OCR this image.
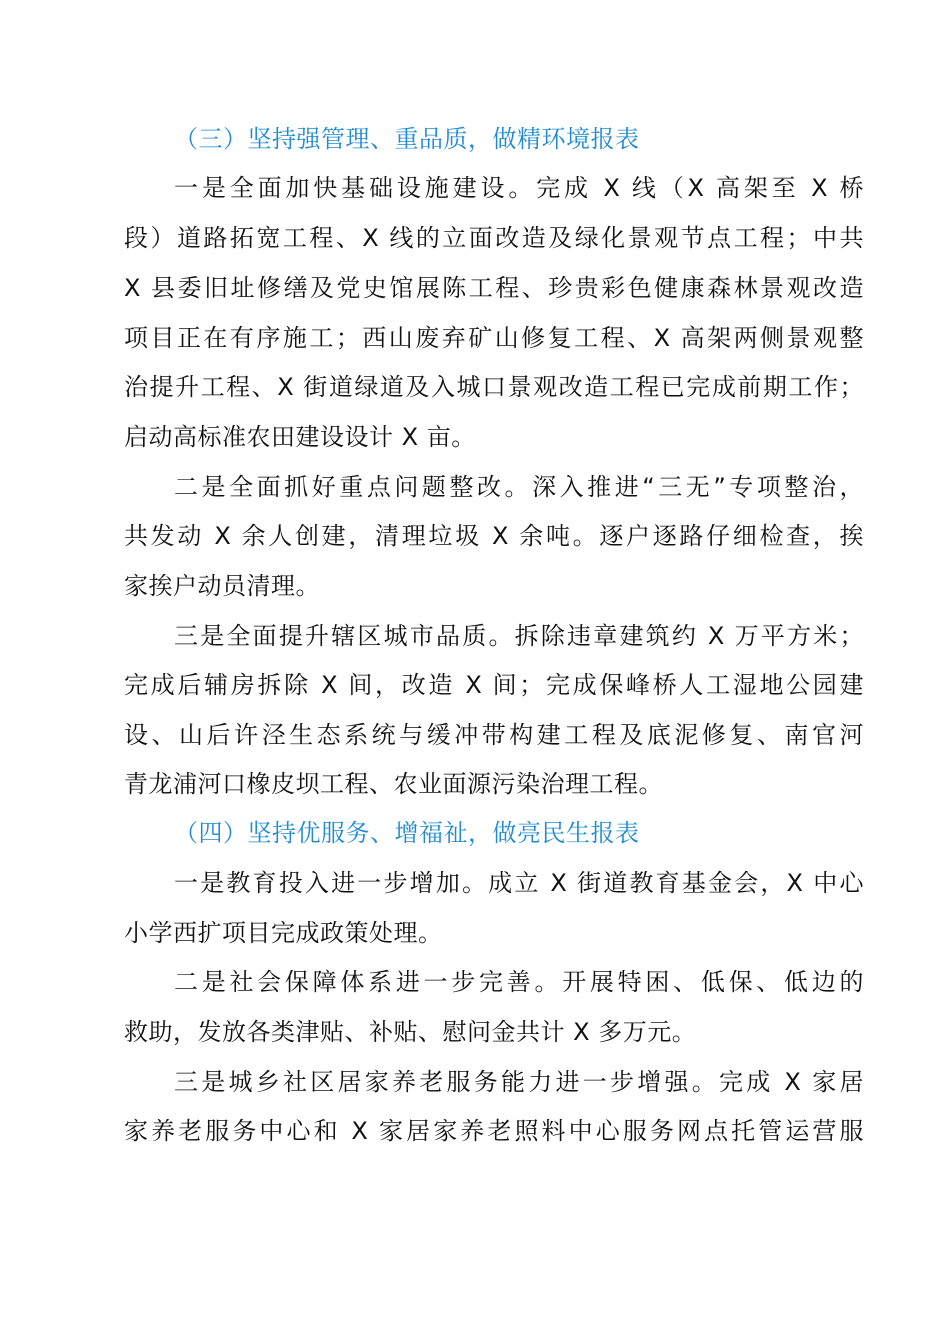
（三）坚持强管理、重品质，做精环境报表

一是全面加快基础设施建设。完成 X 线（X 高架至 X 桥

段）道路拓宽工程、X 线的立面改造及绿化景观节点工程；中共

X 县委旧址修缮及党史馆展陈工程、珍贵彩色健康森林景观改造

项目正在有序施工；西山废弃矿山修复工程、X 高架两侧景观整

治提升工程、X 街道绿道及入城口景观改造工程已完成前期工作；

启动高标准农田建设设计 X 亩。

二是全面抓好重点问题整改。深入推进“三无”专项整治，

共发动 X 余人创建，清理垃圾 X 余吨。逐户逐路仔细检查，挨

家挨户动员清理。

三是全面提升辖区城市品质。拆除违章建筑约 X 万平方米；

完成后辅房拆除 X 间，改造 X 间；完成保峰桥人工湿地公园建

设、山后许泾生态系统与缓冲带构建工程及底泥修复、南官河

青龙浦河口橡皮坝工程、农业面源污染治理工程。

（四）坚持优服务、增福祉，做亮民生报表

一是教育投入进一步增加。成立 X 街道教育基金会，X 中心

小学西扩项目完成政策处理。

二是社会保障体系进一步完善。开展特困、低保、低边的

救助，发放各类津贴、补贴、慰问金共计 X 多万元。

三是城乡社区居家养老服务能力进一步增强。完成 X 家居

家养老服务中心和 X 家居家养老照料中心服务网点托管运营服
